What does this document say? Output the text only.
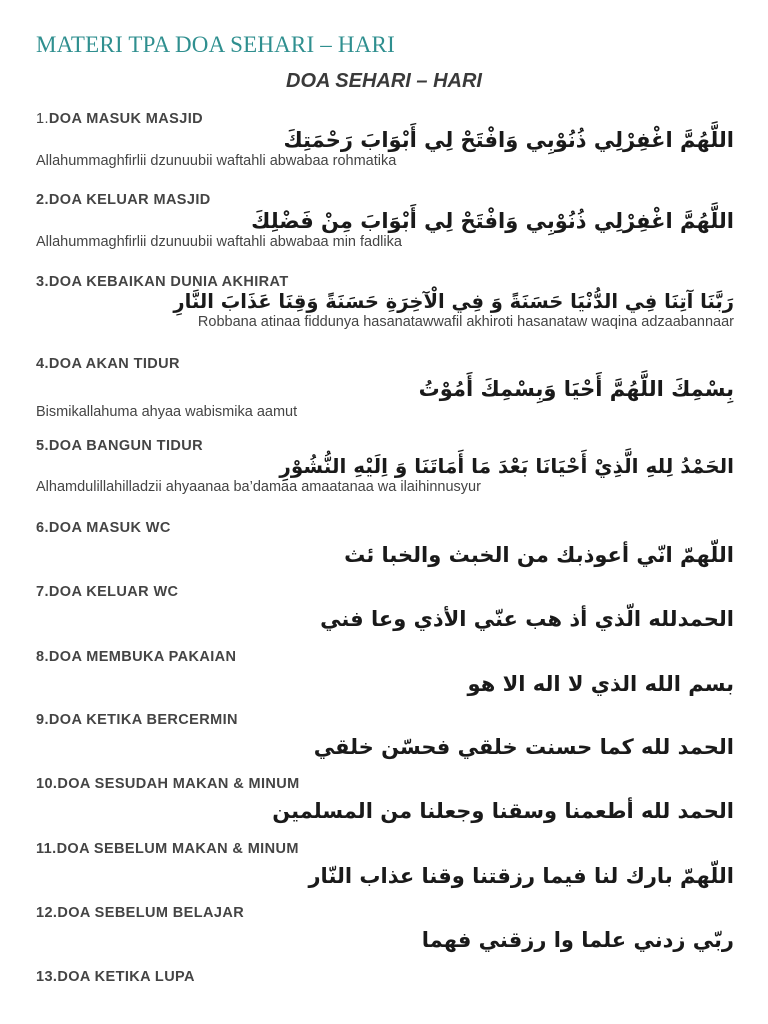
MATERI TPA DOA SEHARI – HARI
DOA SEHARI – HARI
1.DOA MASUK MASJID
اللَّهُمَّ اغْفِرْلِي ذُنُوْبِي وَافْتَحْ لِي أَبْوَابَ رَحْمَتِكَ
Allahummaghfirlii dzunuubii waftahli abwabaa rohmatika
2.DOA KELUAR MASJID
اللَّهُمَّ اغْفِرْلِي ذُنُوْبِي وَافْتَحْ لِي أَبْوَابَ مِنْ فَضْلِكَ
Allahummaghfirlii dzunuubii waftahli abwabaa min fadlika
3.DOA KEBAIKAN DUNIA AKHIRAT
رَبَّنَا آتِنَا فِي الدُّنْيَا حَسَنَةً وَ فِي الْآخِرَةِ حَسَنَةً وَقِنَا عَذَابَ النَّارِ
Robbana atinaa fiddunya hasanatawwafil akhiroti hasanataw waqina adzaabannaar
4.DOA AKAN TIDUR
بِسْمِكَ اللَّهُمَّ أَحْيَا وَبِسْمِكَ أَمُوْتُ
Bismikallahuma ahyaa wabismika aamut
5.DOA BANGUN TIDUR
الحَمْدُ لِلهِ الَّذِيْ أَحْيَانَا بَعْدَ مَا أَمَاتَنَا وَ اِلَيْهِ النُّشُوْرِ
Alhamdulillahilladzii ahyaanaa ba’damaa amaatanaa wa ilaihinnusyur
6.DOA MASUK WC
اللّهمّ انّي أعوذبك من الخبث والخبا ئث
7.DOA KELUAR WC
الحمدلله الّذي أذ هب عنّي الأذي وعا فني
8.DOA MEMBUKA PAKAIAN
بسم الله الذي لا اله الا هو
9.DOA KETIKA BERCERMIN
الحمد لله كما حسنت خلقي فحسّن خلقي
10.DOA SESUDAH MAKAN & MINUM
الحمد لله أطعمنا وسقنا وجعلنا من المسلمين
11.DOA SEBELUM MAKAN & MINUM
اللّهمّ بارك لنا فيما رزقتنا وقنا عذاب النّار
12.DOA SEBELUM BELAJAR
ربّي زدني علما وا رزقني فهما
13.DOA KETIKA LUPA
